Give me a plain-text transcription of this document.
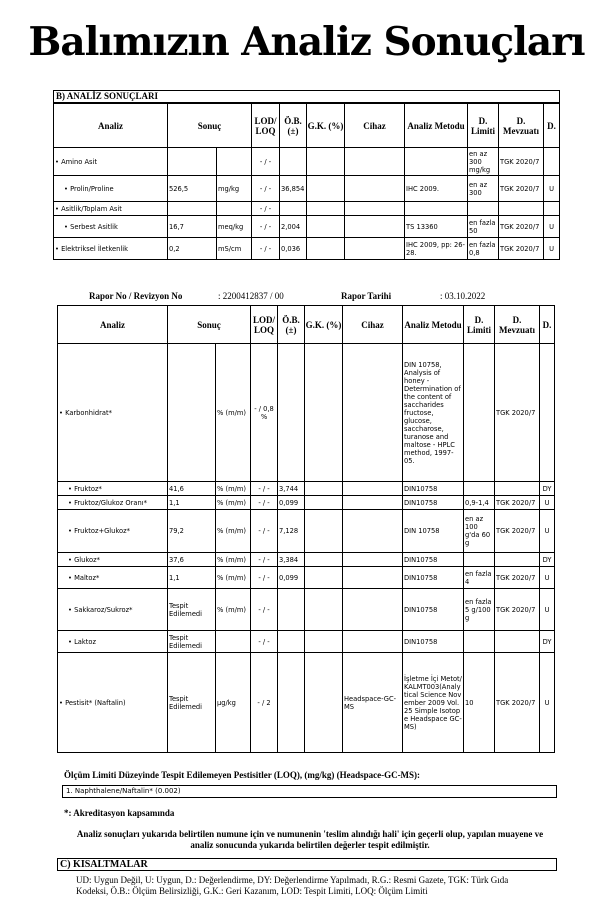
Balımızın Analiz Sonuçları
B) ANALİZ SONUÇLARI
Analiz	Sonuç		LOD/ LOQ	Ö.B. (±)	G.K. (%)	Cihaz	Analiz Metodu	D. Limiti	D. Mevzuatı	D.
• Amino Asit			- / -					en az 300 mg/kg	TGK 2020/7	
• Prolin/Proline	526,5	mg/kg	- / -	36,854			IHC 2009.	en az 300	TGK 2020/7	U
• Asitlik/Toplam Asit			- / -							
• Serbest Asitlik	16,7	meq/kg	- / -	2,004			TS 13360	en fazla 50	TGK 2020/7	U
• Elektriksel İletkenlik	0,2	mS/cm	- / -	0,036			IHC 2009, pp: 26-28.	en fazla 0,8	TGK 2020/7	U
Rapor No / Revizyon No	: 2200412837 / 00	Rapor Tarihi	: 03.10.2022
Analiz	Sonuç		LOD/ LOQ	Ö.B. (±)	G.K. (%)	Cihaz	Analiz Metodu	D. Limiti	D. Mevzuatı	D.
• Karbonhidrat*		% (m/m)	- / 0,8 %				DIN 10758, Analysis of honey - Determination of the content of saccharides fructose, glucose, saccharose, turanose and maltose - HPLC method, 1997-05.		TGK 2020/7	
• Fruktoz*	41,6	% (m/m)	- / -	3,744			DIN10758			DY
• Fruktoz/Glukoz Oranı*	1,1	% (m/m)	- / -	0,099			DIN10758	0,9-1,4	TGK 2020/7	U
• Fruktoz+Glukoz*	79,2	% (m/m)	- / -	7,128			DIN 10758	en az 100 g'da 60 g	TGK 2020/7	U
• Glukoz*	37,6	% (m/m)	- / -	3,384			DIN10758			DY
• Maltoz*	1,1	% (m/m)	- / -	0,099			DIN10758	en fazla 4	TGK 2020/7	U
• Sakkaroz/Sukroz*	Tespit Edilemedi	% (m/m)	- / -				DIN10758	en fazla 5 g/100 g	TGK 2020/7	U
• Laktoz	Tespit Edilemedi		- / -				DIN10758			DY
• Pestisit* (Naftalin)	Tespit Edilemedi	µg/kg	- / 2			Headspace-GC-MS	İşletme İçi Metot/KALMT003(Analytical Science November 2009 Vol.25 Simple Isotope Headspace GC-MS)	10	TGK 2020/7	U
Ölçüm Limiti Düzeyinde Tespit Edilemeyen Pestisitler (LOQ), (mg/kg) (Headspace-GC-MS):
1. Naphthalene/Naftalin* (0.002)
*: Akreditasyon kapsamında
Analiz sonuçları yukarıda belirtilen numune için ve numunenin 'teslim alındığı hali' için geçerli olup, yapılan muayene ve
analiz sonucunda yukarıda belirtilen değerler tespit edilmiştir.
C) KISALTMALAR
UD: Uygun Değil, U: Uygun, D.: Değerlendirme, DY: Değerlendirme Yapılmadı, R.G.: Resmi Gazete, TGK: Türk Gıda
Kodeksi, Ö.B.: Ölçüm Belirsizliği, G.K.: Geri Kazanım, LOD: Tespit Limiti, LOQ: Ölçüm Limiti
